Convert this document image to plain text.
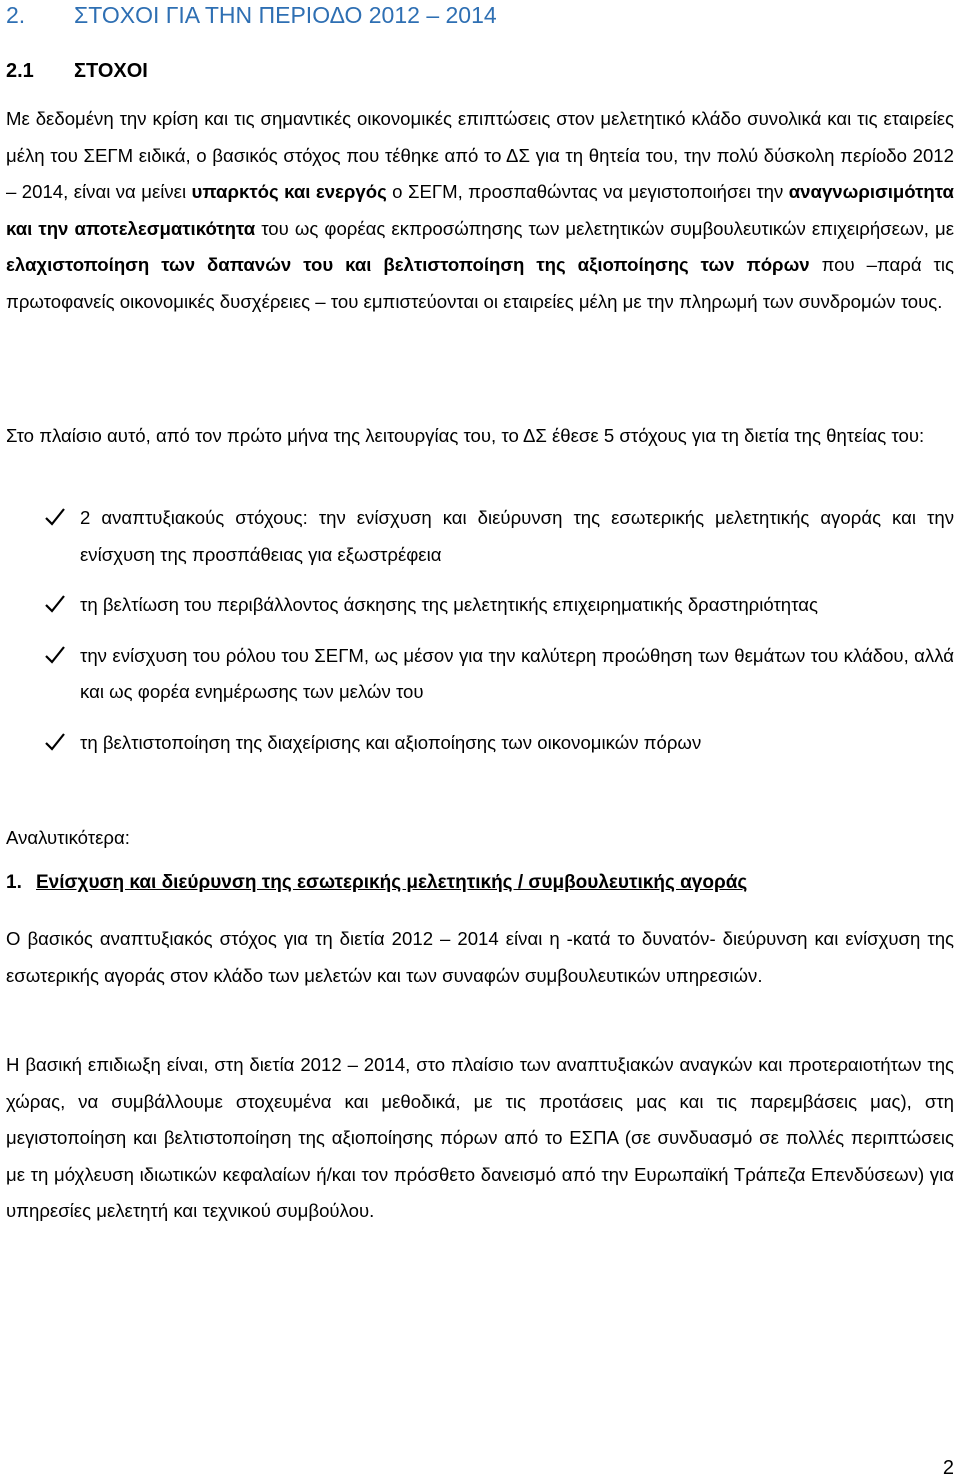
2. ΣΤΟΧΟΙ ΓΙΑ ΤΗΝ ΠΕΡΙΟΔΟ 2012 – 2014
2.1 ΣΤΟΧΟΙ

Με δεδομένη την κρίση και τις σημαντικές οικονομικές επιπτώσεις στον μελετητικό κλάδο συνολικά και τις εταιρείες μέλη του ΣΕΓΜ ειδικά, ο βασικός στόχος που τέθηκε από το ΔΣ για τη θητεία του, την πολύ δύσκολη περίοδο 2012 – 2014, είναι να μείνει υπαρκτός και ενεργός ο ΣΕΓΜ, προσπαθώντας να μεγιστοποιήσει την αναγνωρισιμότητα και την αποτελεσματικότητα του ως φορέας εκπροσώπησης των μελετητικών συμβουλευτικών επιχειρήσεων, με ελαχιστοποίηση των δαπανών του και βελτιστοποίηση της αξιοποίησης των πόρων που –παρά τις πρωτοφανείς οικονομικές δυσχέρειες – του εμπιστεύονται οι εταιρείες μέλη με την πληρωμή των συνδρομών τους.

Στο πλαίσιο αυτό, από τον πρώτο μήνα της λειτουργίας του, το ΔΣ έθεσε 5 στόχους για τη διετία της θητείας του:

2 αναπτυξιακούς στόχους: την ενίσχυση και διεύρυνση της εσωτερικής μελετητικής αγοράς και την ενίσχυση της προσπάθειας για εξωστρέφεια
τη βελτίωση του περιβάλλοντος άσκησης της μελετητικής επιχειρηματικής δραστηριότητας
την ενίσχυση του ρόλου του ΣΕΓΜ, ως μέσον για την καλύτερη προώθηση των θεμάτων του κλάδου, αλλά και ως φορέα ενημέρωσης των μελών του
τη βελτιστοποίηση της διαχείρισης και αξιοποίησης των οικονομικών πόρων

Αναλυτικότερα:

1. Ενίσχυση και διεύρυνση της εσωτερικής μελετητικής / συμβουλευτικής αγοράς

Ο βασικός αναπτυξιακός στόχος για τη διετία 2012 – 2014 είναι η -κατά το δυνατόν- διεύρυνση και ενίσχυση της εσωτερικής αγοράς στον κλάδο των μελετών και των συναφών συμβουλευτικών υπηρεσιών.

Η βασική επιδιωξη είναι, στη διετία 2012 – 2014, στο πλαίσιο των αναπτυξιακών αναγκών και προτεραιοτήτων της χώρας, να συμβάλλουμε στοχευμένα και μεθοδικά, με τις προτάσεις μας και τις παρεμβάσεις μας), στη μεγιστοποίηση και βελτιστοποίηση της αξιοποίησης πόρων από το ΕΣΠΑ (σε συνδυασμό σε πολλές περιπτώσεις με τη μόχλευση ιδιωτικών κεφαλαίων ή/και τον πρόσθετο δανεισμό από την Ευρωπαϊκή Τράπεζα Επενδύσεων) για υπηρεσίες μελετητή και τεχνικού συμβούλου.

2
